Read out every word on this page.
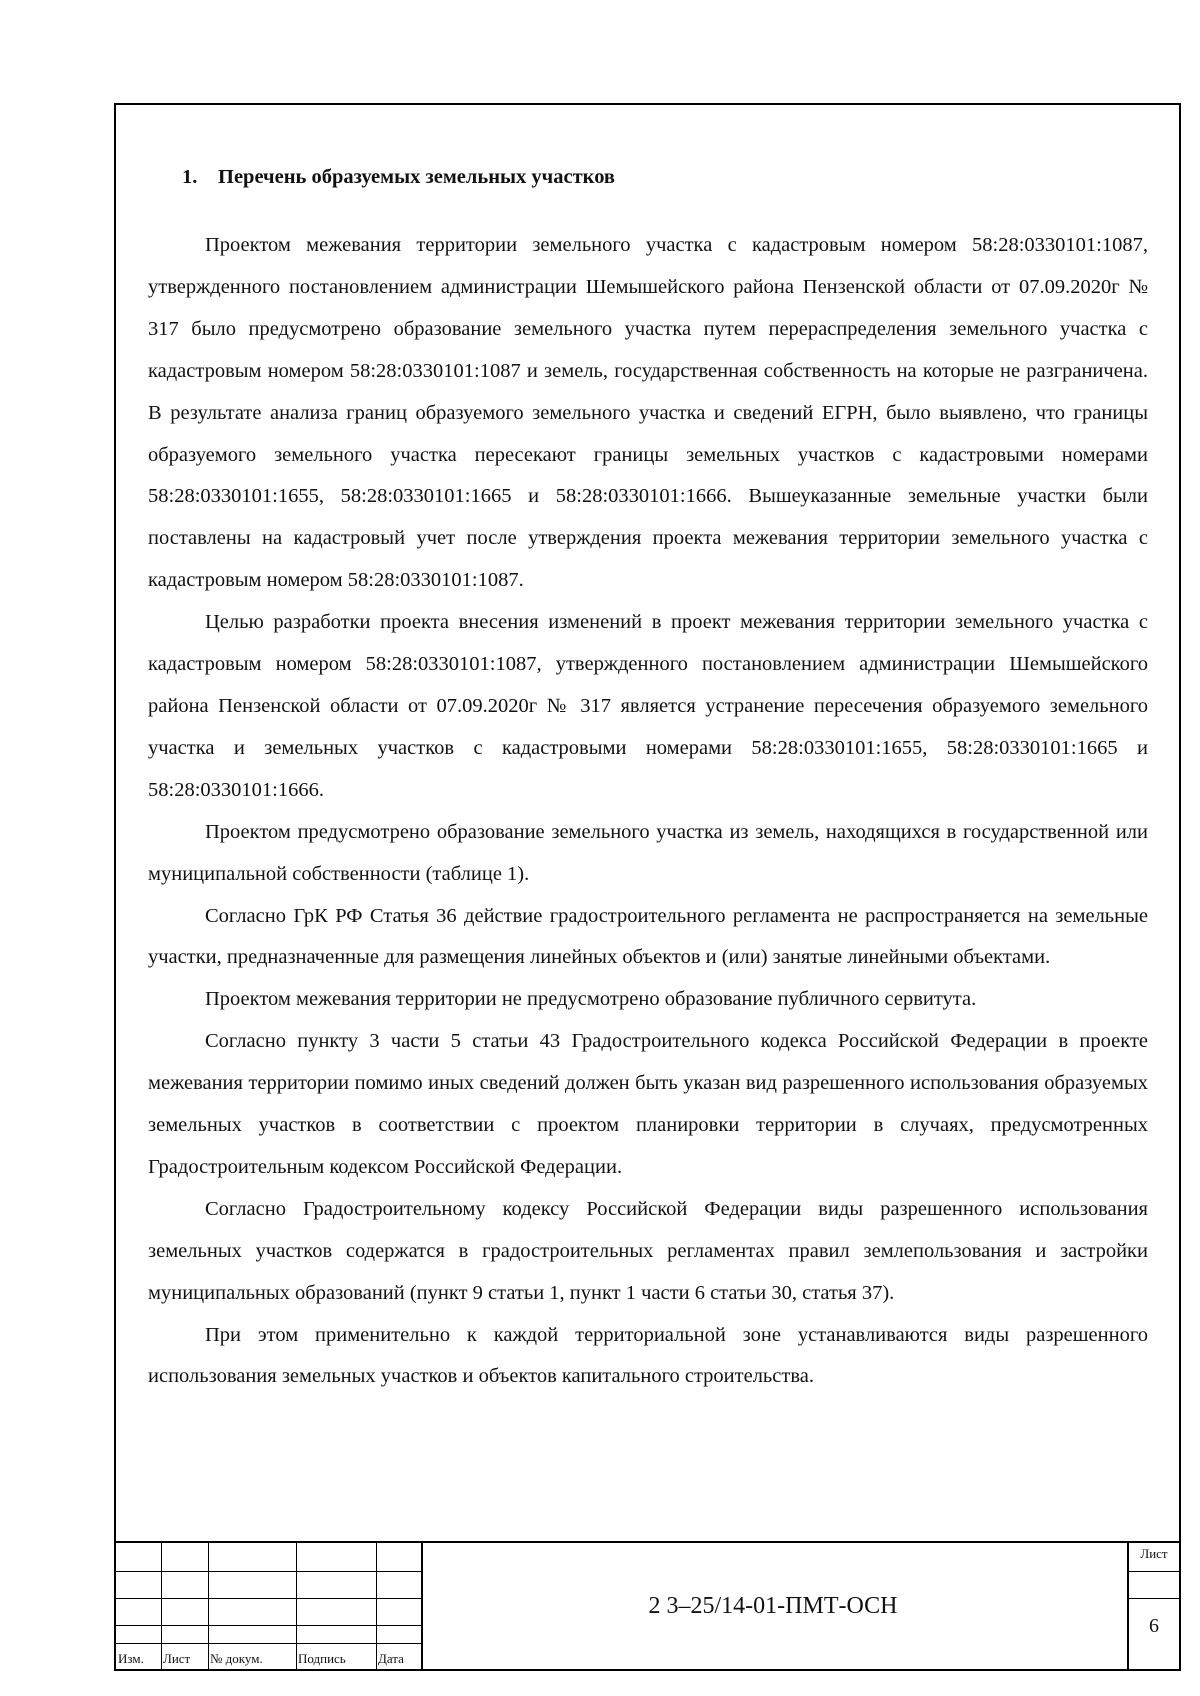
1. Перечень образуемых земельных участков

Проектом межевания территории земельного участка с кадастровым номером 58:28:0330101:1087, утвержденного постановлением администрации Шемышейского района Пензенской области от 07.09.2020г № 317 было предусмотрено образование земельного участка путем перераспределения земельного участка с кадастровым номером 58:28:0330101:1087 и земель, государственная собственность на которые не разграничена. В результате анализа границ образуемого земельного участка и сведений ЕГРН, было выявлено, что границы образуемого земельного участка пересекают границы земельных участков с кадастровыми номерами 58:28:0330101:1655, 58:28:0330101:1665 и 58:28:0330101:1666. Вышеуказанные земельные участки были поставлены на кадастровый учет после утверждения проекта межевания территории земельного участка с кадастровым номером 58:28:0330101:1087.

Целью разработки проекта внесения изменений в проект межевания территории земельного участка с кадастровым номером 58:28:0330101:1087, утвержденного постановлением администрации Шемышейского района Пензенской области от 07.09.2020г № 317 является устранение пересечения образуемого земельного участка и земельных участков с кадастровыми номерами 58:28:0330101:1655, 58:28:0330101:1665 и 58:28:0330101:1666.

Проектом предусмотрено образование земельного участка из земель, находящихся в государственной или муниципальной собственности (таблице 1).

Согласно ГрК РФ Статья 36 действие градостроительного регламента не распространяется на земельные участки, предназначенные для размещения линейных объектов и (или) занятые линейными объектами.

Проектом межевания территории не предусмотрено образование публичного сервитута.

Согласно пункту 3 части 5 статьи 43 Градостроительного кодекса Российской Федерации в проекте межевания территории помимо иных сведений должен быть указан вид разрешенного использования образуемых земельных участков в соответствии с проектом планировки территории в случаях, предусмотренных Градостроительным кодексом Российской Федерации.

Согласно Градостроительному кодексу Российской Федерации виды разрешенного использования земельных участков содержатся в градостроительных регламентах правил землепользования и застройки муниципальных образований (пункт 9 статьи 1, пункт 1 части 6 статьи 30, статья 37).

При этом применительно к каждой территориальной зоне устанавливаются виды разрешенного использования земельных участков и объектов капитального строительства.

Изм. Лист № докум.	Подпись Дата
2 3–25/14-01-ПМТ-ОСН
Лист
6
